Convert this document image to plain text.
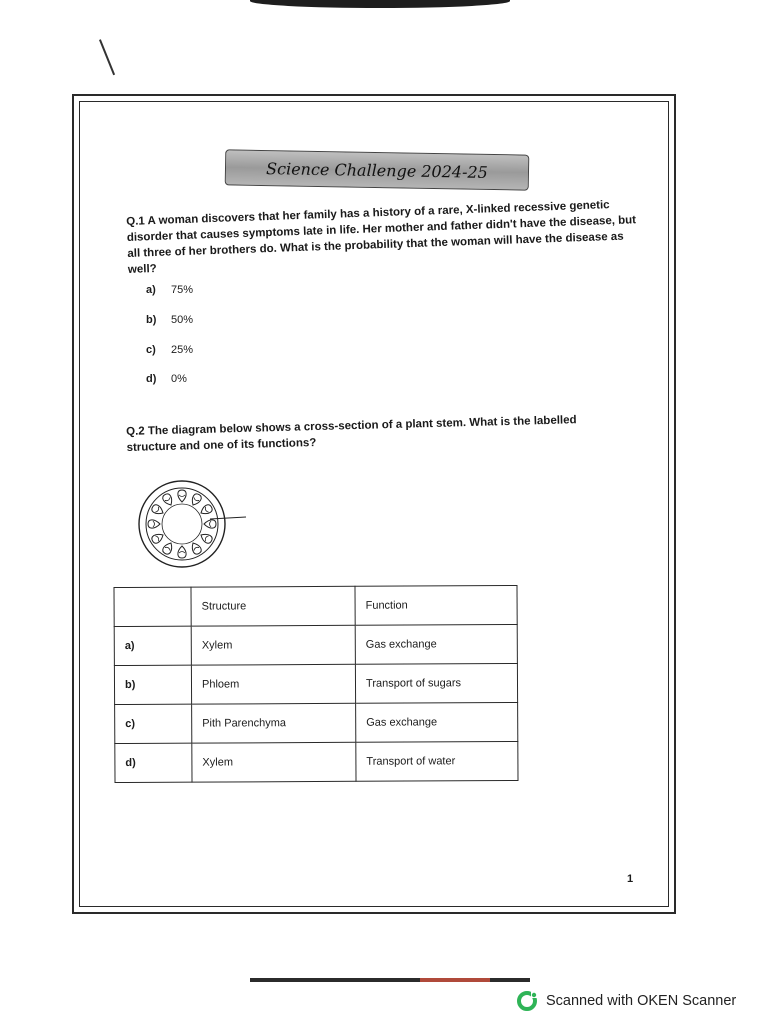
Science Challenge 2024-25
Q.1 A woman discovers that her family has a history of a rare, X-linked recessive genetic disorder that causes symptoms late in life. Her mother and father didn't have the disease, but all three of her brothers do. What is the probability that the woman will have the disease as well?
a) 75%
b) 50%
c) 25%
d) 0%
Q.2 The diagram below shows a cross-section of a plant stem. What is the labelled structure and one of its functions?
	Structure	Function
a)	Xylem	Gas exchange
b)	Phloem	Transport of sugars
c)	Pith Parenchyma	Gas exchange
d)	Xylem	Transport of water
1
Scanned with OKEN Scanner
